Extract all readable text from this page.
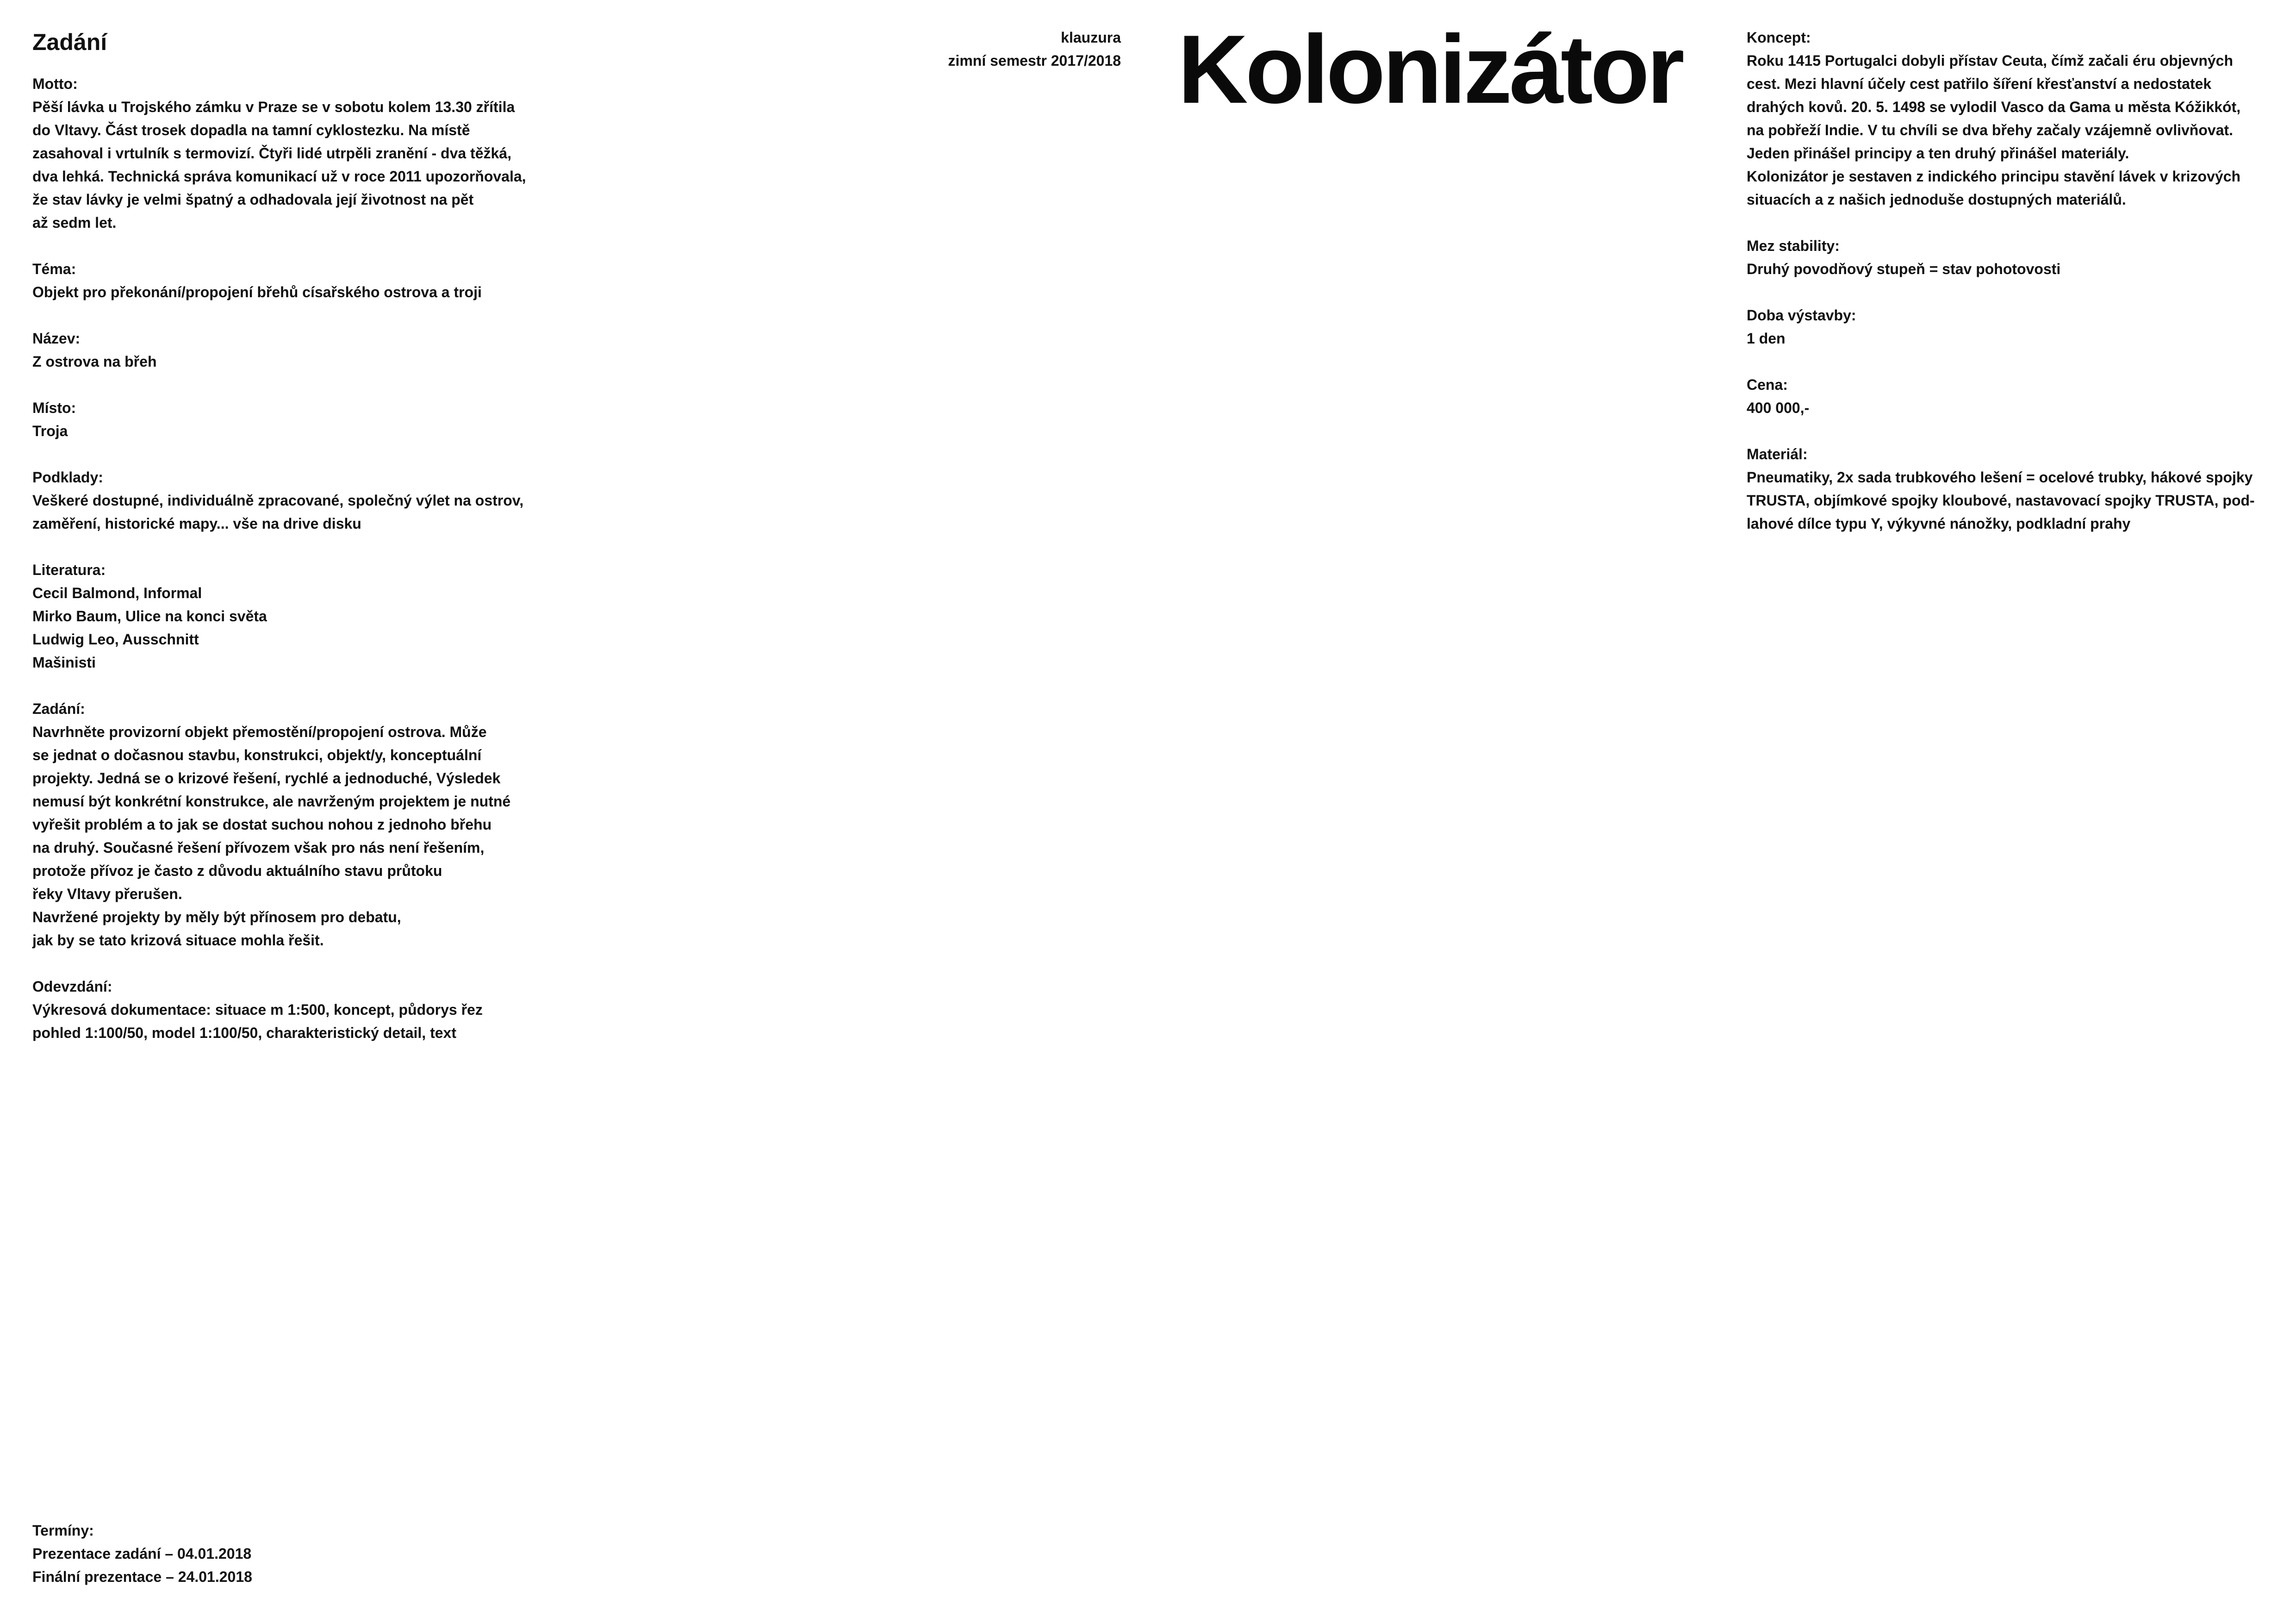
klauzura
zimní semestr 2017/2018 Kolonizátor
Zadání
Motto:
Pěší lávka u Trojského zámku v Praze se v sobotu kolem 13.30 zřítila
do Vltavy. Část trosek dopadla na tamní cyklostezku. Na místě
zasahoval i vrtulník s termovizí. Čtyři lidé utrpěli zranění - dva těžká,
dva lehká. Technická správa komunikací už v roce 2011 upozorňovala,
že stav lávky je velmi špatný a odhadovala její životnost na pět
až sedm let.
Téma:
Objekt pro překonání/propojení břehů císařského ostrova a troji
Název:
Z ostrova na břeh
Místo:
Troja
Podklady:
Veškeré dostupné, individuálně zpracované, společný výlet na ostrov,
zaměření, historické mapy... vše na drive disku
Literatura:
Cecil Balmond, Informal
Mirko Baum, Ulice na konci světa
Ludwig Leo, Ausschnitt
Mašinisti
Zadání:
Navrhněte provizorní objekt přemostění/propojení ostrova. Může
se jednat o dočasnou stavbu, konstrukci, objekt/y, konceptuální
projekty. Jedná se o krizové řešení, rychlé a jednoduché, Výsledek
nemusí být konkrétní konstrukce, ale navrženým projektem je nutné
vyřešit problém a to jak se dostat suchou nohou z jednoho břehu
na druhý. Současné řešení přívozem však pro nás není řešením,
protože přívoz je často z důvodu aktuálního stavu průtoku
řeky Vltavy přerušen.
Navržené projekty by měly být přínosem pro debatu,
jak by se tato krizová situace mohla řešit.
Odevzdání:
Výkresová dokumentace: situace m 1:500, koncept, půdorys řez
pohled 1:100/50, model 1:100/50, charakteristický detail, text
Koncept:
Roku 1415 Portugalci dobyli přístav Ceuta, čímž začali éru objevných
cest. Mezi hlavní účely cest patřilo šíření křesťanství a nedostatek
drahých kovů. 20. 5. 1498 se vylodil Vasco da Gama u města Kóžikkót,
na pobřeží Indie. V tu chvíli se dva břehy začaly vzájemně ovlivňovat.
Jeden přinášel principy a ten druhý přinášel materiály.
Kolonizátor je sestaven z indického principu stavění lávek v krizových
situacích a z našich jednoduše dostupných materiálů.
Mez stability:
Druhý povodňový stupeň = stav pohotovosti
Doba výstavby:
1 den
Cena:
400 000,-
Materiál:
Pneumatiky, 2x sada trubkového lešení = ocelové trubky, hákové spojky
TRUSTA, objímkové spojky kloubové, nastavovací spojky TRUSTA, pod-
lahové dílce typu Y, výkyvné nánožky, podkladní prahy
Termíny:
Prezentace zadání – 04.01.2018
Finální prezentace – 24.01.2018
